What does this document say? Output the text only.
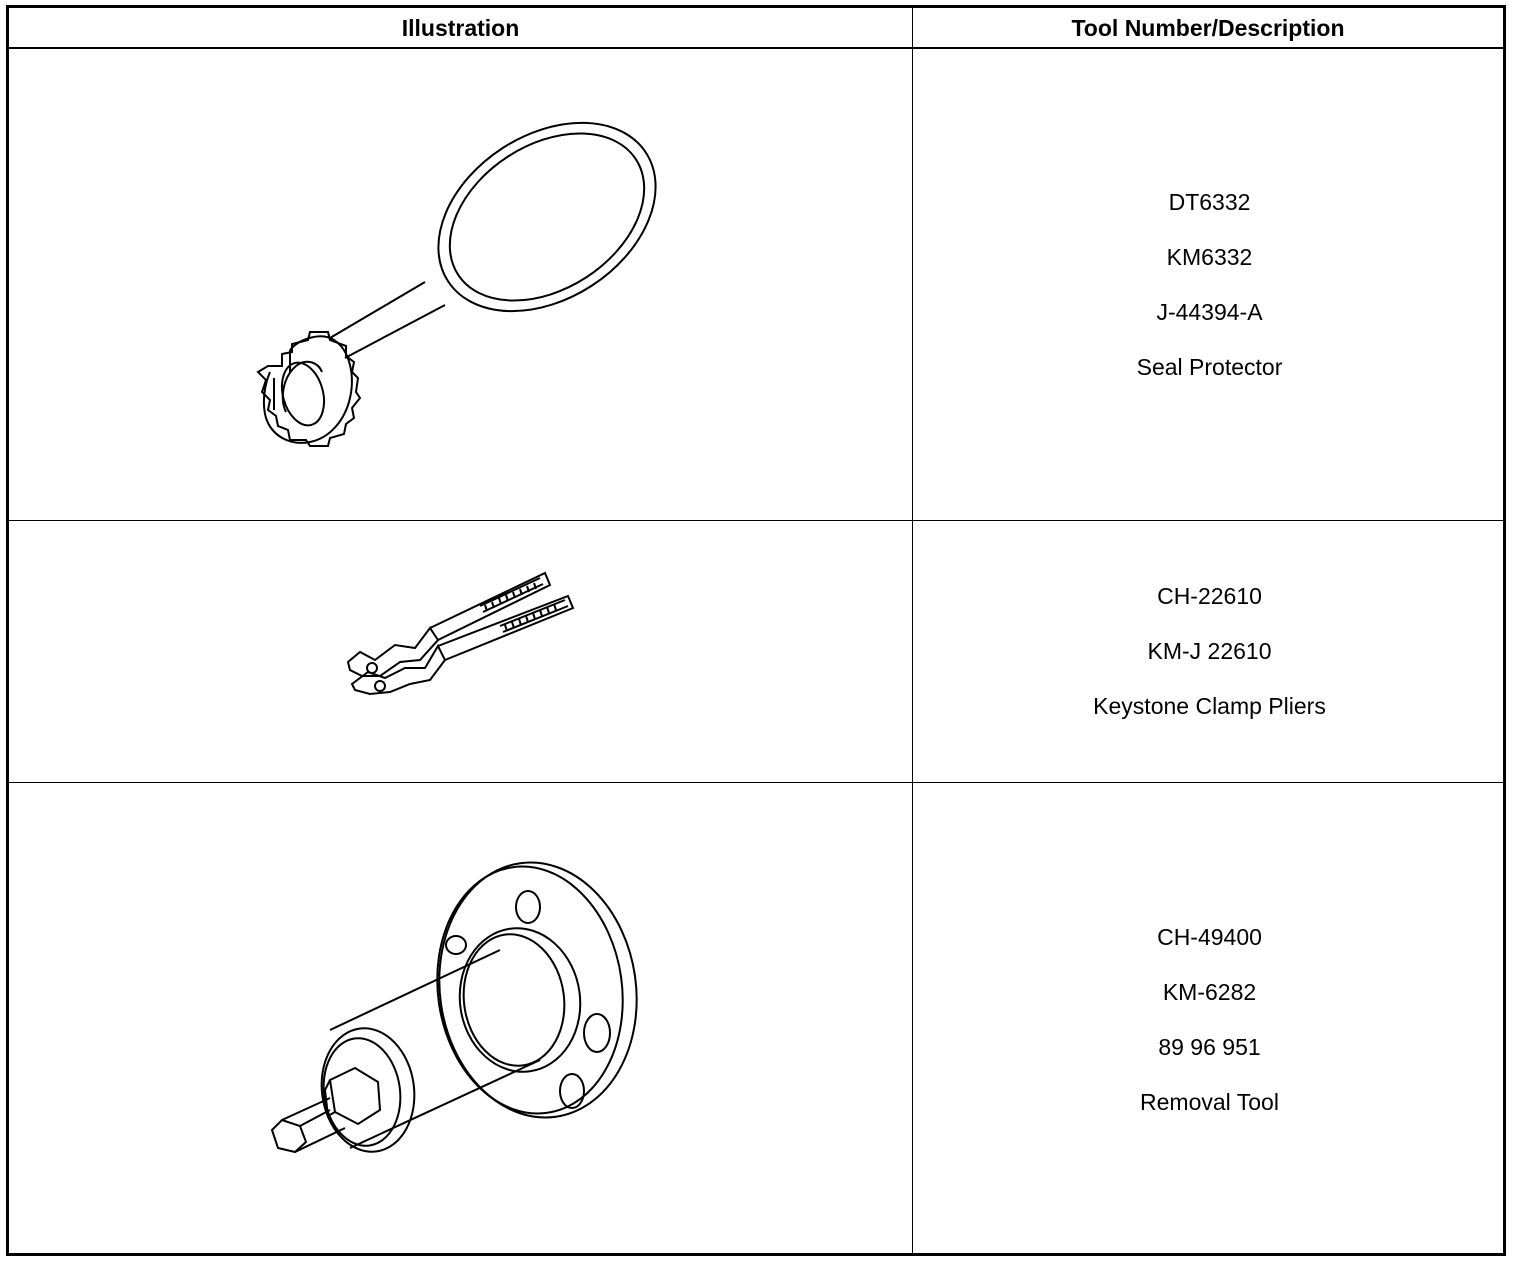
Illustration	Tool Number/Description
DT6332
KM6332
J-44394-A
Seal Protector
CH-22610
KM-J 22610
Keystone Clamp Pliers
CH-49400
KM-6282
89 96 951
Removal Tool
